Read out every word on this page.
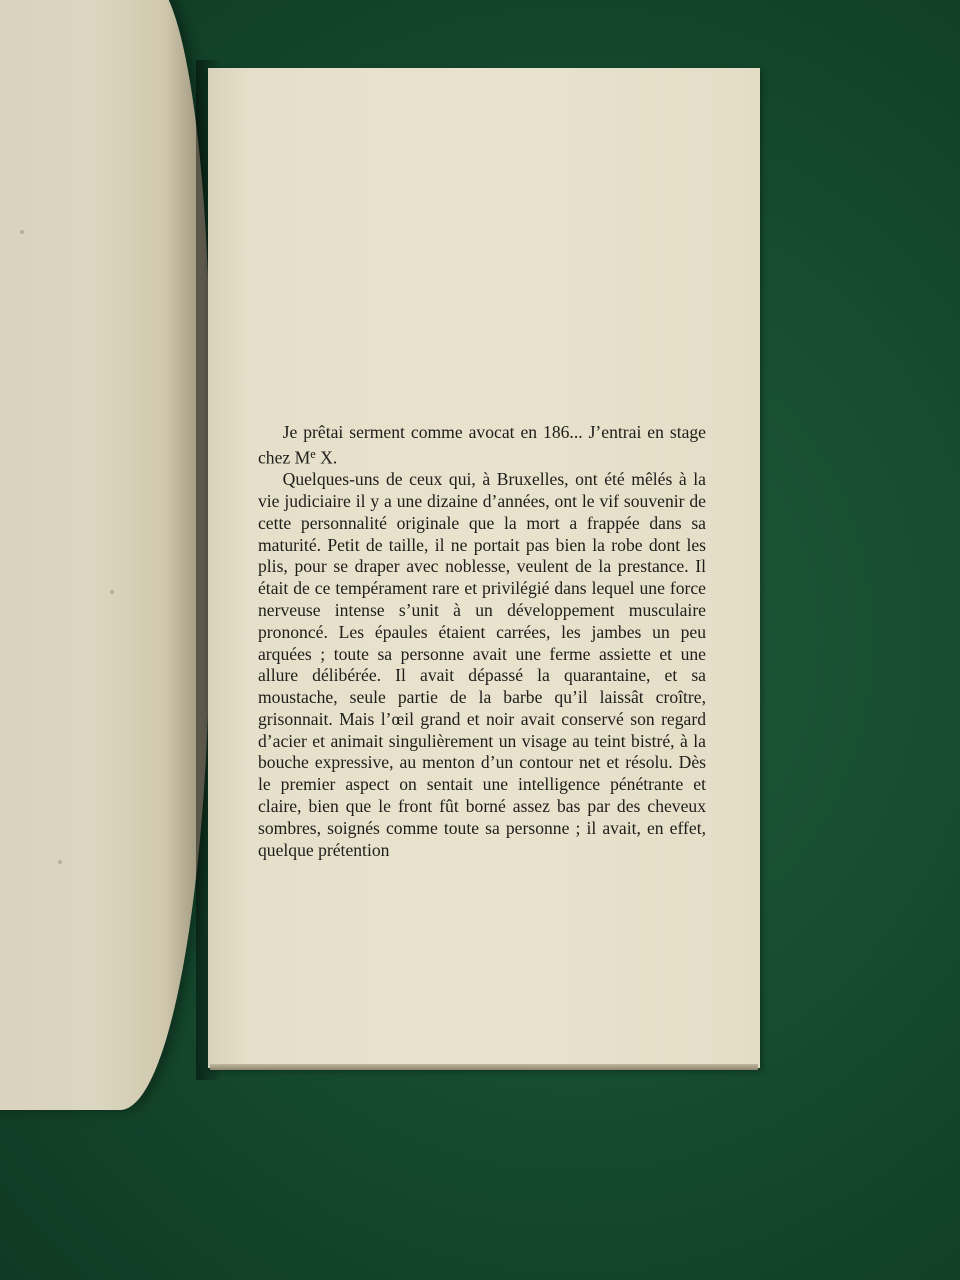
Je prêtai serment comme avocat en 186... J’entrai en stage chez Me X.

Quelques-uns de ceux qui, à Bruxelles, ont été mêlés à la vie judiciaire il y a une dizaine d’années, ont le vif souvenir de cette personnalité originale que la mort a frappée dans sa maturité. Petit de taille, il ne portait pas bien la robe dont les plis, pour se draper avec noblesse, veulent de la prestance. Il était de ce tempérament rare et privilégié dans lequel une force nerveuse intense s’unit à un développement musculaire prononcé. Les épaules étaient carrées, les jambes un peu arquées ; toute sa personne avait une ferme assiette et une allure délibérée. Il avait dépassé la quarantaine, et sa moustache, seule partie de la barbe qu’il laissât croître, grisonnait. Mais l’œil grand et noir avait conservé son regard d’acier et animait singulièrement un visage au teint bistré, à la bouche expressive, au menton d’un contour net et résolu. Dès le premier aspect on sentait une intelligence pénétrante et claire, bien que le front fût borné assez bas par des cheveux sombres, soignés comme toute sa personne ; il avait, en effet, quelque prétention
